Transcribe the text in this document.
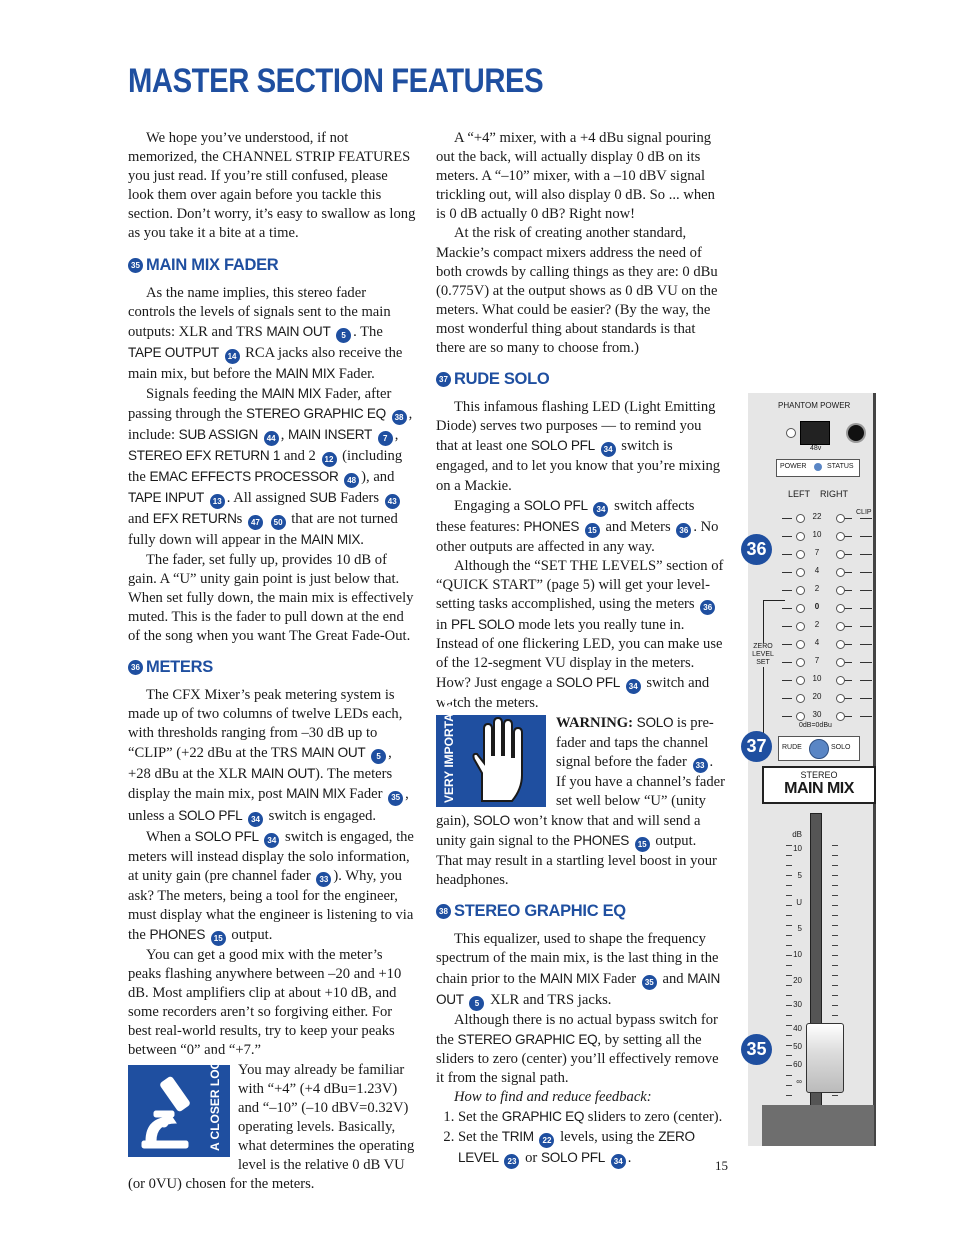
MASTER SECTION FEATURES

We hope you’ve understood, if not memorized, the CHANNEL STRIP FEATURES you just read. If you’re still confused, please look them over again before you tackle this section. Don’t worry, it’s easy to swallow as long as you take it a bite at a time.

35 MAIN MIX FADER

As the name implies, this stereo fader controls the levels of signals sent to the main outputs: XLR and TRS MAIN OUT 5 . The TAPE OUTPUT 14 RCA jacks also receive the main mix, but before the MAIN MIX Fader.

Signals feeding the MAIN MIX Fader, after passing through the STEREO GRAPHIC EQ 38 , include: SUB ASSIGN 44 , MAIN INSERT 7 , STEREO EFX RETURN 1 and 2 12 (including the EMAC EFFECTS PROCESSOR 48 ), and TAPE INPUT 13 . All assigned SUB Faders 43 and EFX RETURNs 47 50 that are not turned fully down will appear in the MAIN MIX.

The fader, set fully up, provides 10 dB of gain. A “U” unity gain point is just below that. When set fully down, the main mix is effectively muted. This is the fader to pull down at the end of the song when you want The Great Fade-Out.

36 METERS

The CFX Mixer’s peak metering system is made up of two columns of twelve LEDs each, with thresholds ranging from –30 dB up to “CLIP” (+22 dBu at the TRS MAIN OUT 5 , +28 dBu at the XLR MAIN OUT). The meters display the main mix, post MAIN MIX Fader 35 , unless a SOLO PFL 34 switch is engaged.

When a SOLO PFL 34 switch is engaged, the meters will instead display the solo information, at unity gain (pre channel fader 33 ). Why, you ask? The meters, being a tool for the engineer, must display what the engineer is listening to via the PHONES 15 output.

You can get a good mix with the meter’s peaks flashing anywhere between –20 and +10 dB. Most amplifiers clip at about +10 dB, and some recorders aren’t so forgiving either. For best real-world results, try to keep your peaks between “0” and “+7.”

A CLOSER LOOK	You may already be familiar with “+4” (+4 dBu=1.23V) and “–10” (–10 dBV=0.32V) operating levels. Basically, what determines the operating level is the relative 0 dB VU (or 0VU) chosen for the meters.

A “+4” mixer, with a +4 dBu signal pouring out the back, will actually display 0 dB on its meters. A “–10” mixer, with a –10 dBV signal trickling out, will also display 0 dB. So ... when is 0 dB actually 0 dB? Right now!

At the risk of creating another standard, Mackie’s compact mixers address the need of both crowds by calling things as they are: 0 dBu (0.775V) at the output shows as 0 dB VU on the meters. What could be easier? (By the way, the most wonderful thing about standards is that there are so many to choose from.)

37 RUDE SOLO

This infamous flashing LED (Light Emitting Diode) serves two purposes — to remind you that at least one SOLO PFL 34 switch is engaged, and to let you know that you’re mixing on a Mackie.

Engaging a SOLO PFL 34 switch affects these features: PHONES 15 and Meters 36 . No other outputs are affected in any way.

Although the “SET THE LEVELS” section of “QUICK START” (page 5) will get your level-setting tasks accomplished, using the meters 36 in PFL SOLO mode lets you really tune in. Instead of one flickering LED, you can make use of the 12-segment VU display in the meters. How? Just engage a SOLO PFL 34 switch and watch the meters.

VERY IMPORTANT	WARNING: SOLO is pre-fader and taps the channel signal before the fader 33 . If you have a channel’s fader set well below “U” (unity gain), SOLO won’t know that and will send a unity gain signal to the PHONES 15 output. That may result in a startling level boost in your headphones.

38 STEREO GRAPHIC EQ

This equalizer, used to shape the frequency spectrum of the main mix, is the last thing in the chain prior to the MAIN MIX Fader 35 and MAIN OUT 5 XLR and TRS jacks.

Although there is no actual bypass switch for the STEREO GRAPHIC EQ, by setting all the sliders to zero (center) you’ll effectively remove it from the signal path.

How to find and reduce feedback:

1. Set the GRAPHIC EQ sliders to zero (center).
2. Set the TRIM 22 levels, using the ZERO LEVEL 23 or SOLO PFL 34 .	15
PHANTOM POWER
48v
POWER	STATUS
LEFT RIGHT
CLIP
22
10
7
4
2
0
2
4
7
10
20
30
ZERO
LEVEL
SET
0dB=0dBu
RUDE	SOLO
STEREO
MAIN MIX
dB
10
5
U
5
10
20
30
40
50
60
∞
36
37
35
